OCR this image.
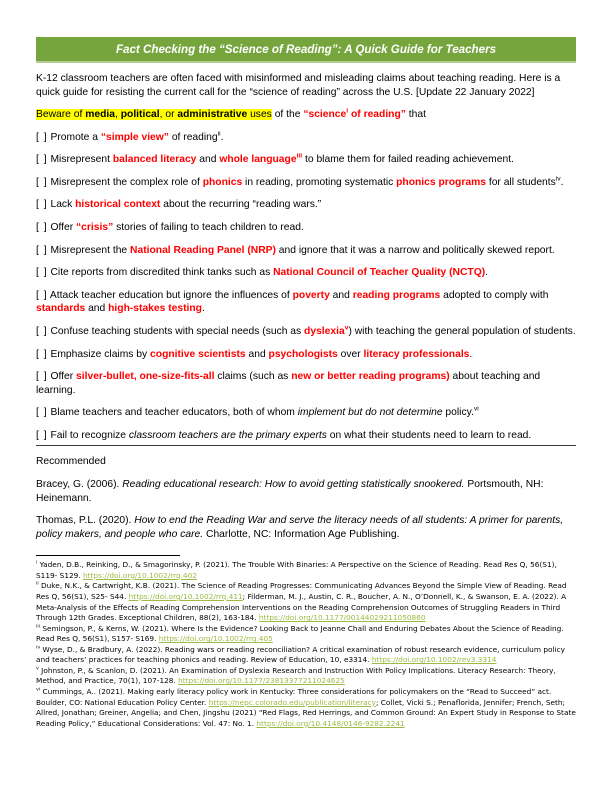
Fact Checking the “Science of Reading”: A Quick Guide for Teachers

K-12 classroom teachers are often faced with misinformed and misleading claims about teaching reading. Here is a quick guide for resisting the current call for the “science of reading” across the U.S. [Update 22 January 2022]

Beware of media, political, or administrative uses of the “science$^i$ of reading” that

[ ] Promote a “simple view” of reading$^{ii}$.

[ ] Misrepresent balanced literacy and whole language$^{iii}$ to blame them for failed reading achievement.

[ ] Misrepresent the complex role of phonics in reading, promoting systematic phonics programs for all students$^{iv}$.

[ ] Lack historical context about the recurring “reading wars.”

[ ] Offer “crisis” stories of failing to teach children to read.

[ ] Misrepresent the National Reading Panel (NRP) and ignore that it was a narrow and politically skewed report.

[ ] Cite reports from discredited think tanks such as National Council of Teacher Quality (NCTQ).

[ ] Attack teacher education but ignore the influences of poverty and reading programs adopted to comply with standards and high-stakes testing.

[ ] Confuse teaching students with special needs (such as dyslexia$^v$) with teaching the general population of students.

[ ] Emphasize claims by cognitive scientists and psychologists over literacy professionals.

[ ] Offer silver-bullet, one-size-fits-all claims (such as new or better reading programs) about teaching and learning.

[ ] Blame teachers and teacher educators, both of whom implement but do not determine policy.$^{vi}$

[ ] Fail to recognize classroom teachers are the primary experts on what their students need to learn to read.

Recommended

Bracey, G. (2006). Reading educational research: How to avoid getting statistically snookered. Portsmouth, NH: Heinemann.

Thomas, P.L. (2020). How to end the Reading War and serve the literacy needs of all students: A primer for parents, policy makers, and people who care. Charlotte, NC: Information Age Publishing.

$^i$ Yaden, D.B., Reinking, D., & Smagorinsky, P. (2021). The Trouble With Binaries: A Perspective on the Science of Reading. Read Res Q, 56(S1), S119- S129. https://doi.org/10.1002/rrq.402
$^{ii}$ Duke, N.K., & Cartwright, K.B. (2021). The Science of Reading Progresses: Communicating Advances Beyond the Simple View of Reading. Read Res Q, 56(S1), S25- S44. https://doi.org/10.1002/rrq.411; Filderman, M. J., Austin, C. R., Boucher, A. N., O’Donnell, K., & Swanson, E. A. (2022). A Meta-Analysis of the Effects of Reading Comprehension Interventions on the Reading Comprehension Outcomes of Struggling Readers in Third Through 12th Grades. Exceptional Children, 88(2), 163-184. https://doi.org/10.1177/00144029211050860
$^{iii}$ Semingson, P., & Kerns, W. (2021). Where Is the Evidence? Looking Back to Jeanne Chall and Enduring Debates About the Science of Reading. Read Res Q, 56(S1), S157- S169. https://doi.org/10.1002/rrq.405
$^{iv}$ Wyse, D., & Bradbury, A. (2022). Reading wars or reading reconciliation? A critical examination of robust research evidence, curriculum policy and teachers’ practices for teaching phonics and reading. Review of Education, 10, e3314. https://doi.org/10.1002/rev3.3314
$^v$ Johnston, P., & Scanlon, D. (2021). An Examination of Dyslexia Research and Instruction With Policy Implications. Literacy Research: Theory, Method, and Practice, 70(1), 107-128. https://doi.org/10.1177/23813377211024625
$^{vi}$ Cummings, A.. (2021). Making early literacy policy work in Kentucky: Three considerations for policymakers on the “Read to Succeed” act. Boulder, CO: National Education Policy Center. https://nepc.colorado.edu/publication/literacy; Collet, Vicki S.; Penaflorida, Jennifer; French, Seth; Allred, Jonathan; Greiner, Angelia; and Chen, Jingshu (2021) “Red Flags, Red Herrings, and Common Ground: An Expert Study in Response to State Reading Policy,” Educational Considerations: Vol. 47: No. 1. https://doi.org/10.4148/0146-9282.2241
